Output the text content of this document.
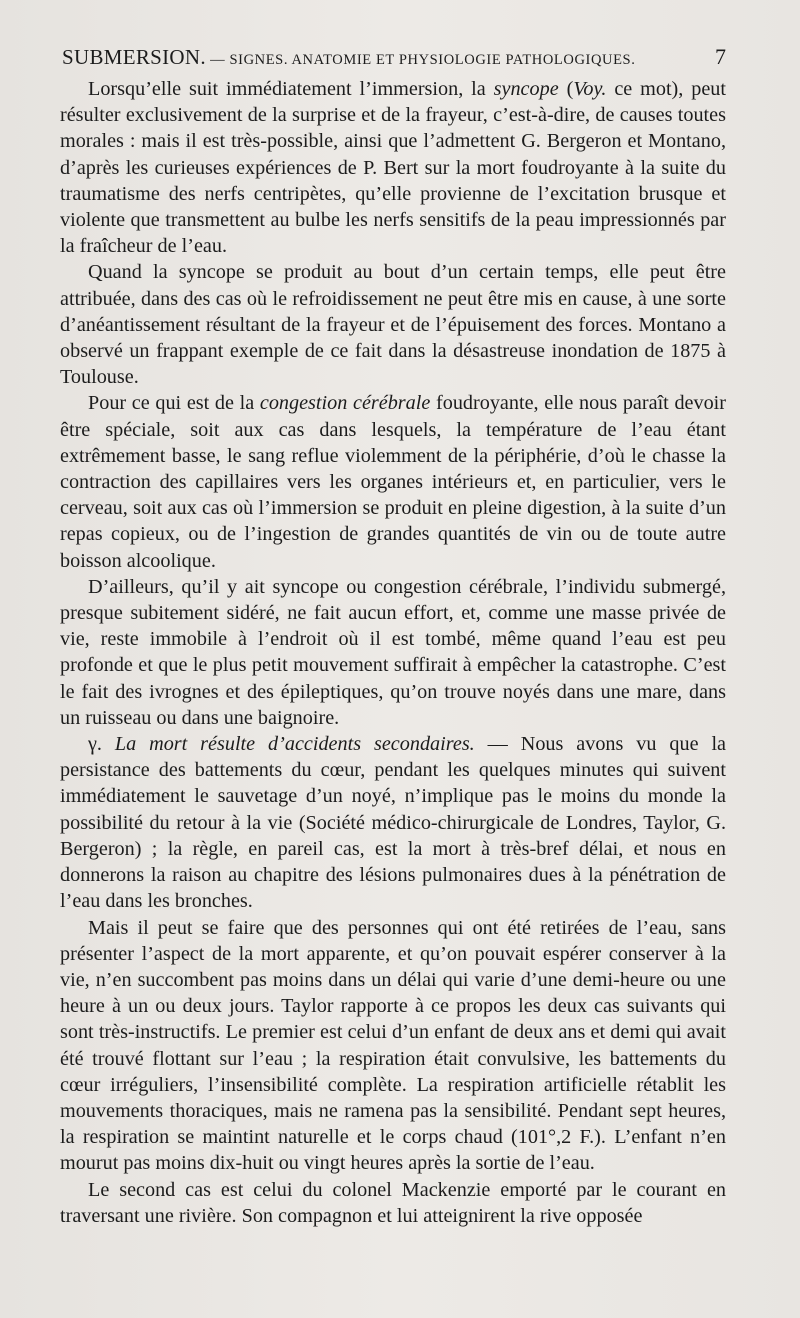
SUBMERSION. — SIGNES. ANATOMIE ET PHYSIOLOGIE PATHOLOGIQUES.	7

Lorsqu’elle suit immédiatement l’immersion, la syncope (Voy. ce mot), peut résulter exclusivement de la surprise et de la frayeur, c’est-à-dire, de causes toutes morales : mais il est très-possible, ainsi que l’admettent G. Bergeron et Montano, d’après les curieuses expériences de P. Bert sur la mort foudroyante à la suite du traumatisme des nerfs centripètes, qu’elle provienne de l’excitation brusque et violente que transmettent au bulbe les nerfs sensitifs de la peau impressionnés par la fraîcheur de l’eau.

Quand la syncope se produit au bout d’un certain temps, elle peut être attribuée, dans des cas où le refroidissement ne peut être mis en cause, à une sorte d’anéantissement résultant de la frayeur et de l’épuisement des forces. Montano a observé un frappant exemple de ce fait dans la désastreuse inondation de 1875 à Toulouse.

Pour ce qui est de la congestion cérébrale foudroyante, elle nous paraît devoir être spéciale, soit aux cas dans lesquels, la température de l’eau étant extrêmement basse, le sang reflue violemment de la périphérie, d’où le chasse la contraction des capillaires vers les organes intérieurs et, en particulier, vers le cerveau, soit aux cas où l’immersion se produit en pleine digestion, à la suite d’un repas copieux, ou de l’ingestion de grandes quantités de vin ou de toute autre boisson alcoolique.

D’ailleurs, qu’il y ait syncope ou congestion cérébrale, l’individu submergé, presque subitement sidéré, ne fait aucun effort, et, comme une masse privée de vie, reste immobile à l’endroit où il est tombé, même quand l’eau est peu profonde et que le plus petit mouvement suffirait à empêcher la catastrophe. C’est le fait des ivrognes et des épileptiques, qu’on trouve noyés dans une mare, dans un ruisseau ou dans une baignoire.

γ. La mort résulte d’accidents secondaires. — Nous avons vu que la persistance des battements du cœur, pendant les quelques minutes qui suivent immédiatement le sauvetage d’un noyé, n’implique pas le moins du monde la possibilité du retour à la vie (Société médico-chirurgicale de Londres, Taylor, G. Bergeron) ; la règle, en pareil cas, est la mort à très-bref délai, et nous en donnerons la raison au chapitre des lésions pulmonaires dues à la pénétration de l’eau dans les bronches.

Mais il peut se faire que des personnes qui ont été retirées de l’eau, sans présenter l’aspect de la mort apparente, et qu’on pouvait espérer conserver à la vie, n’en succombent pas moins dans un délai qui varie d’une demi-heure ou une heure à un ou deux jours. Taylor rapporte à ce propos les deux cas suivants qui sont très-instructifs. Le premier est celui d’un enfant de deux ans et demi qui avait été trouvé flottant sur l’eau ; la respiration était convulsive, les battements du cœur irréguliers, l’insensibilité complète. La respiration artificielle rétablit les mouvements thoraciques, mais ne ramena pas la sensibilité. Pendant sept heures, la respiration se maintint naturelle et le corps chaud (101°,2 F.). L’enfant n’en mourut pas moins dix-huit ou vingt heures après la sortie de l’eau.

Le second cas est celui du colonel Mackenzie emporté par le courant en traversant une rivière. Son compagnon et lui atteignirent la rive opposée
